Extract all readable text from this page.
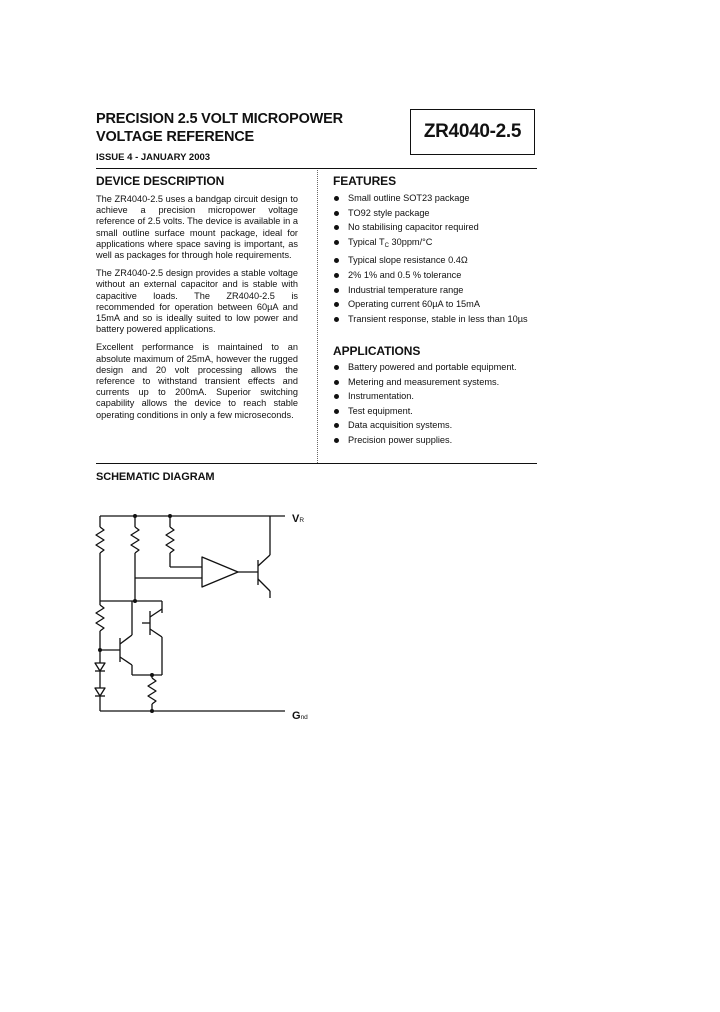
PRECISION 2.5 VOLT MICROPOWER
VOLTAGE REFERENCE	ZR4040-2.5
ISSUE 4 - JANUARY 2003
DEVICE DESCRIPTION

The ZR4040-2.5 uses a bandgap circuit design to achieve a precision micropower voltage reference of 2.5 volts. The device is available in a small outline surface mount package, ideal for applications where space saving is important, as well as packages for through hole requirements.

The ZR4040-2.5 design provides a stable voltage without an external capacitor and is stable with capacitive loads. The ZR4040-2.5 is recommended for operation between 60µA and 15mA and so is ideally suited to low power and battery powered applications.

Excellent performance is maintained to an absolute maximum of 25mA, however the rugged design and 20 volt processing allows the reference to withstand transient effects and currents up to 200mA. Superior switching capability allows the device to reach stable operating conditions in only a few microseconds.

FEATURES
Small outline SOT23 package
TO92 style package
No stabilising capacitor required
Typical $T_C$ 30ppm/°C
Typical slope resistance 0.4Ω
2% 1% and 0.5 % tolerance
Industrial temperature range
Operating current 60µA to 15mA
Transient response, stable in less than 10µs
APPLICATIONS
Battery powered and portable equipment.
Metering and measurement systems.
Instrumentation.
Test equipment.
Data acquisition systems.
Precision power supplies.
SCHEMATIC DIAGRAM
VR
Gnd
